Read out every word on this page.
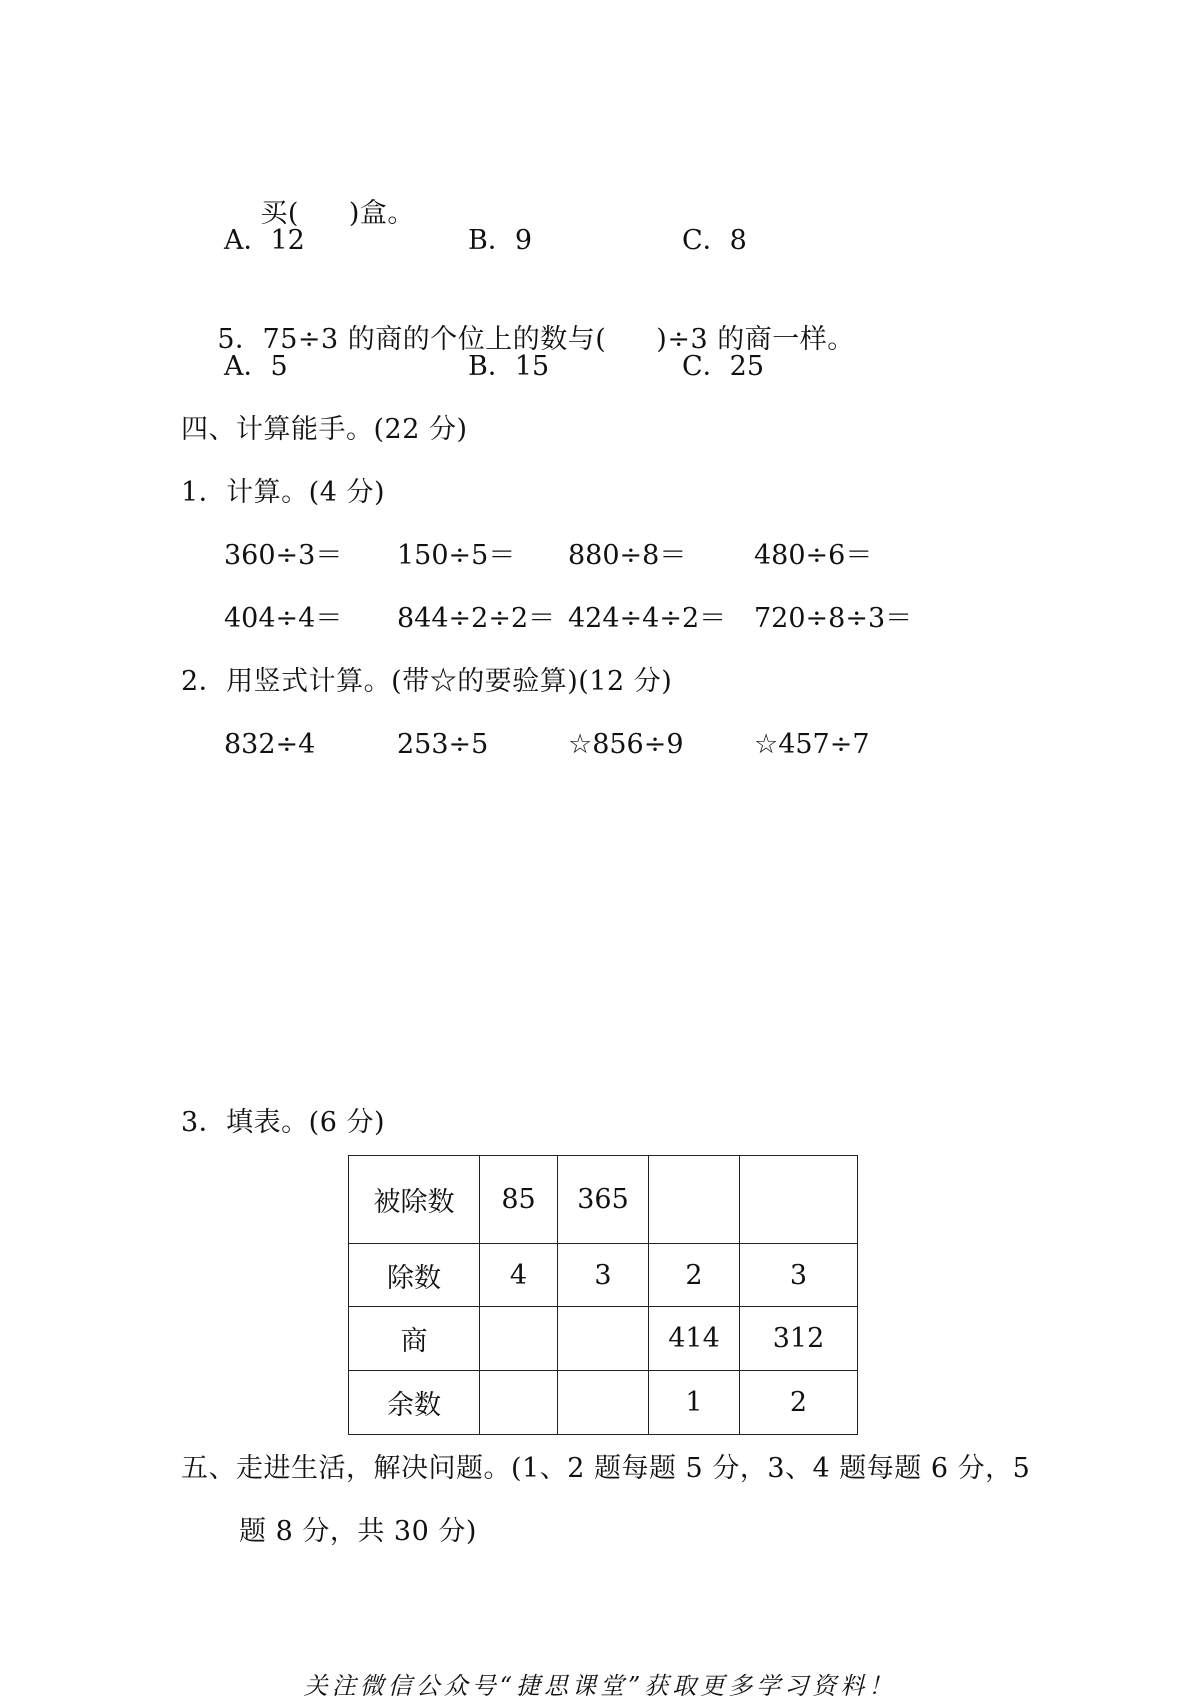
买( )盒。

A．12	B．9	C．8

5．75÷3 的商的个位上的数与( )÷3 的商一样。

A．5	B．15	C．25
四、计算能手。(22 分)
1．计算。(4 分)
360÷3＝ 150÷5＝ 880÷8＝	480÷6＝
404÷4＝ 844÷2÷2＝ 424÷4÷2＝ 720÷8÷3＝
2．用竖式计算。(带☆的要验算)(12 分)
832÷4	253÷5	☆856÷9	☆457÷7
3．填表。(6 分)
被除数	85	365		
除数	4	3	2	3
商			414	312
余数			1	2
五、走进生活，解决问题。(1、2 题每题 5 分，3、4 题每题 6 分，5
题 8 分，共 30 分)
关注微信公众号“捷思课堂”获取更多学习资料！
